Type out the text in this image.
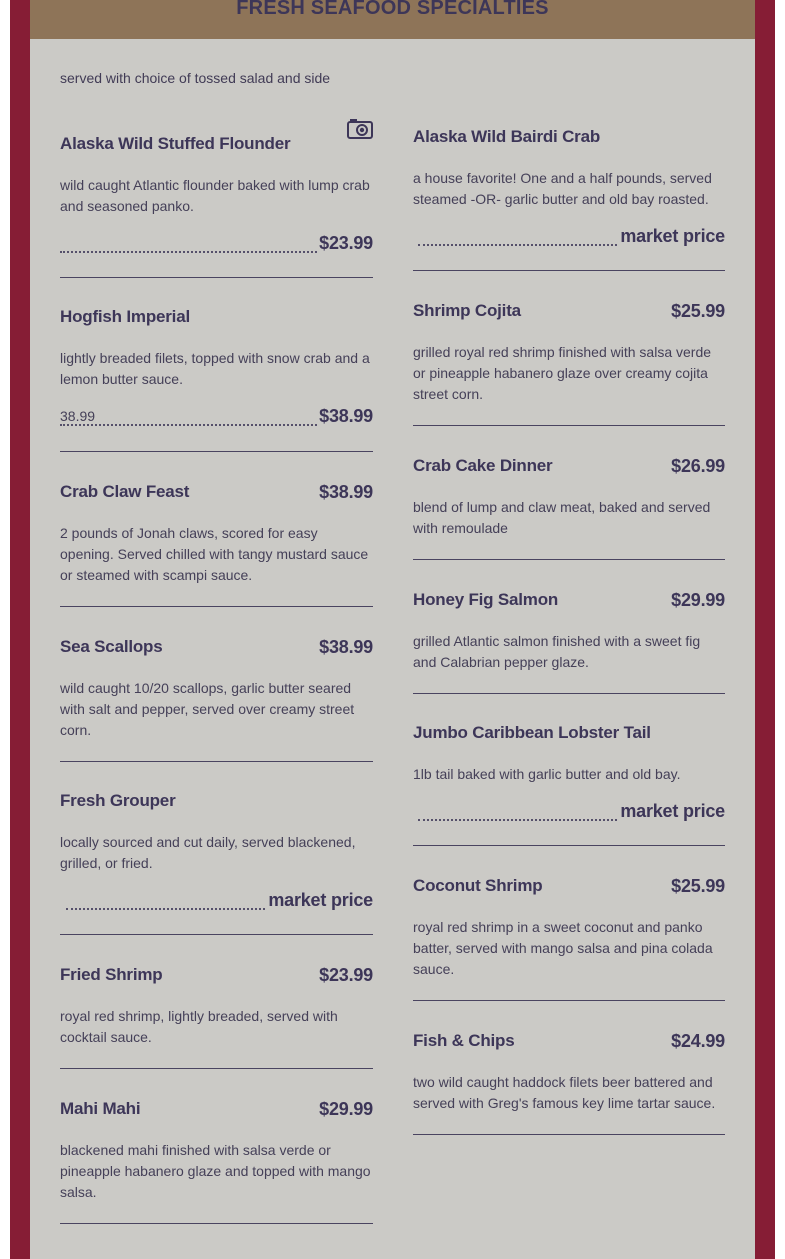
FRESH SEAFOOD SPECIALTIES
served with choice of tossed salad and side
Alaska Wild Stuffed Flounder
wild caught Atlantic flounder baked with lump crab and seasoned panko.
$23.99
Hogfish Imperial
lightly breaded filets, topped with snow crab and a lemon butter sauce.
38.99	$38.99
Crab Claw Feast	$38.99
2 pounds of Jonah claws, scored for easy opening. Served chilled with tangy mustard sauce or steamed with scampi sauce.
Sea Scallops	$38.99
wild caught 10/20 scallops, garlic butter seared with salt and pepper, served over creamy street corn.
Fresh Grouper
locally sourced and cut daily, served blackened, grilled, or fried.
market price
Fried Shrimp	$23.99
royal red shrimp, lightly breaded, served with cocktail sauce.
Mahi Mahi	$29.99
blackened mahi finished with salsa verde or pineapple habanero glaze and topped with mango salsa.
Alaska Wild Bairdi Crab
a house favorite! One and a half pounds, served steamed -OR- garlic butter and old bay roasted.
market price
Shrimp Cojita	$25.99
grilled royal red shrimp finished with salsa verde or pineapple habanero glaze over creamy cojita street corn.
Crab Cake Dinner	$26.99
blend of lump and claw meat, baked and served with remoulade
Honey Fig Salmon	$29.99
grilled Atlantic salmon finished with a sweet fig and Calabrian pepper glaze.
Jumbo Caribbean Lobster Tail
1lb tail baked with garlic butter and old bay.
market price
Coconut Shrimp	$25.99
royal red shrimp in a sweet coconut and panko batter, served with mango salsa and pina colada sauce.
Fish & Chips	$24.99
two wild caught haddock filets beer battered and served with Greg's famous key lime tartar sauce.
